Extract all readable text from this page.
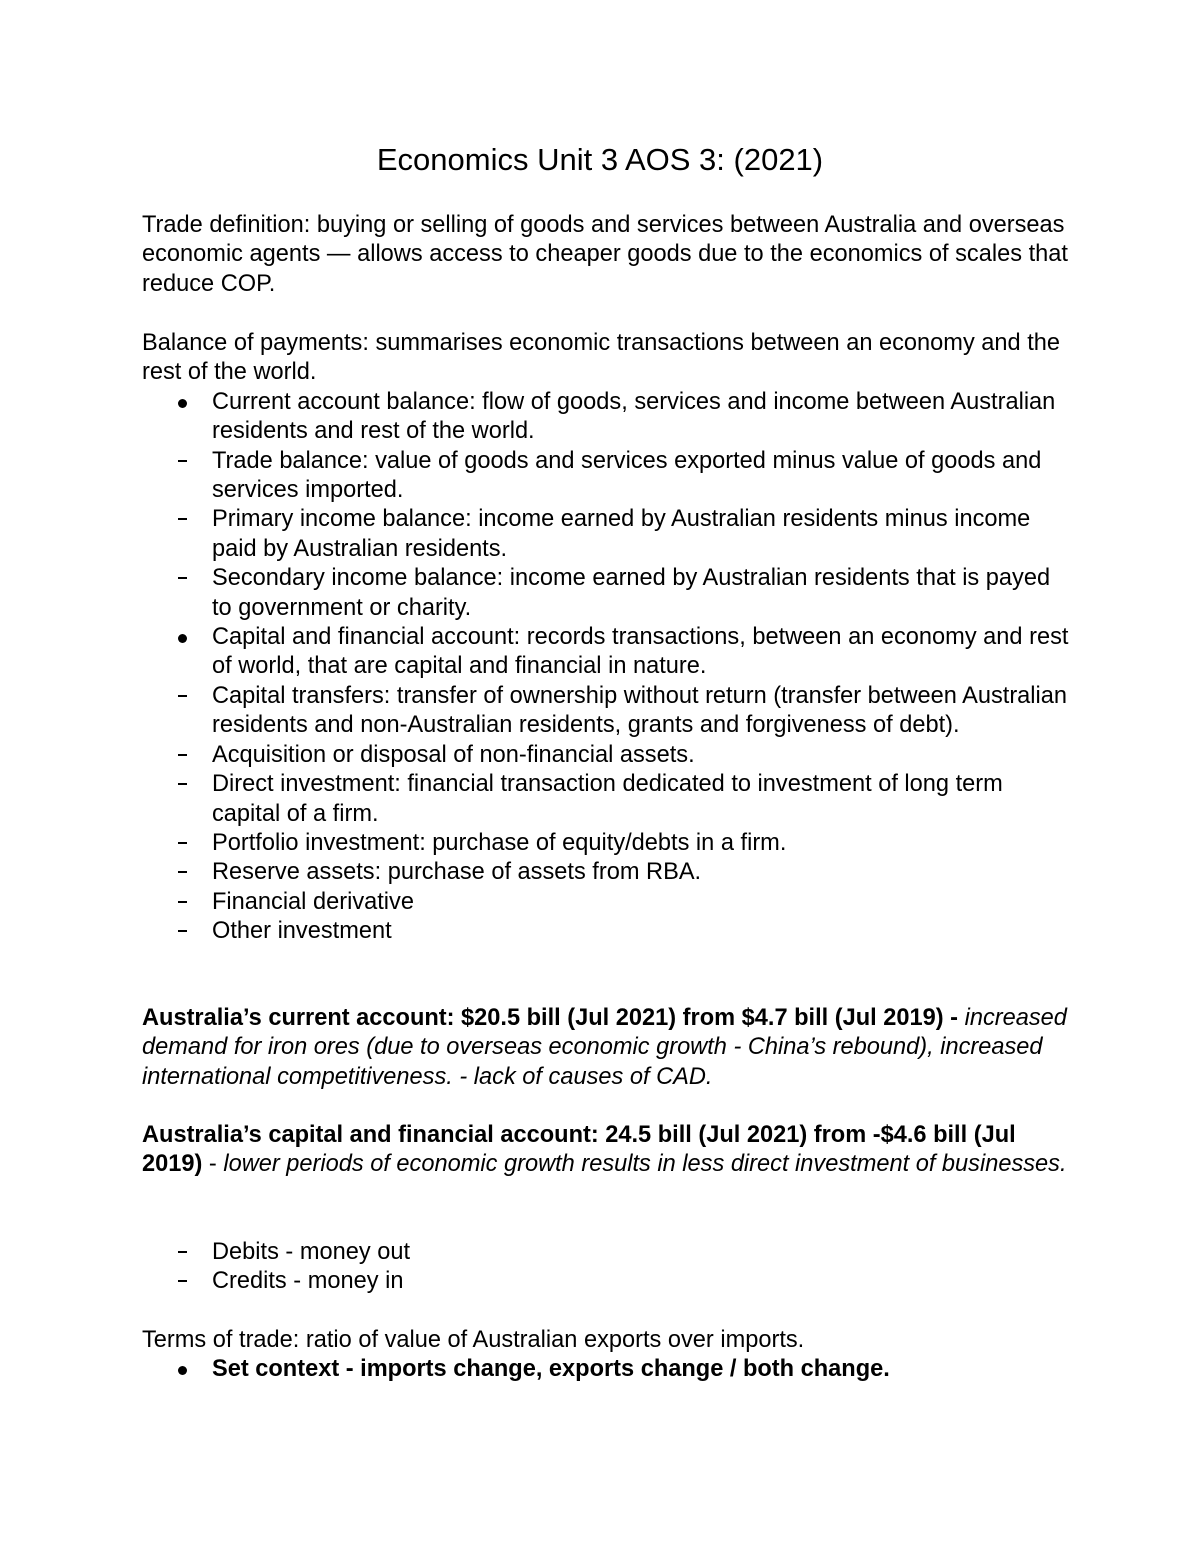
Economics Unit 3 AOS 3: (2021)

Trade definition: buying or selling of goods and services between Australia and overseas economic agents — allows access to cheaper goods due to the economics of scales that reduce COP.

Balance of payments: summarises economic transactions between an economy and the rest of the world.

Current account balance: flow of goods, services and income between Australian residents and rest of the world.
Trade balance: value of goods and services exported minus value of goods and services imported.
Primary income balance: income earned by Australian residents minus income paid by Australian residents.
Secondary income balance: income earned by Australian residents that is payed to government or charity.
Capital and financial account: records transactions, between an economy and rest of world, that are capital and financial in nature.
Capital transfers: transfer of ownership without return (transfer between Australian residents and non-Australian residents, grants and forgiveness of debt).
Acquisition or disposal of non-financial assets.
Direct investment: financial transaction dedicated to investment of long term capital of a firm.
Portfolio investment: purchase of equity/debts in a firm.
Reserve assets: purchase of assets from RBA.
Financial derivative
Other investment

Australia’s current account: $20.5 bill (Jul 2021) from $4.7 bill (Jul 2019) - increased demand for iron ores (due to overseas economic growth - China’s rebound), increased international competitiveness. - lack of causes of CAD.

Australia’s capital and financial account: 24.5 bill (Jul 2021) from -$4.6 bill (Jul 2019) - lower periods of economic growth results in less direct investment of businesses.

Debits - money out
Credits - money in

Terms of trade: ratio of value of Australian exports over imports.

Set context - imports change, exports change / both change.
